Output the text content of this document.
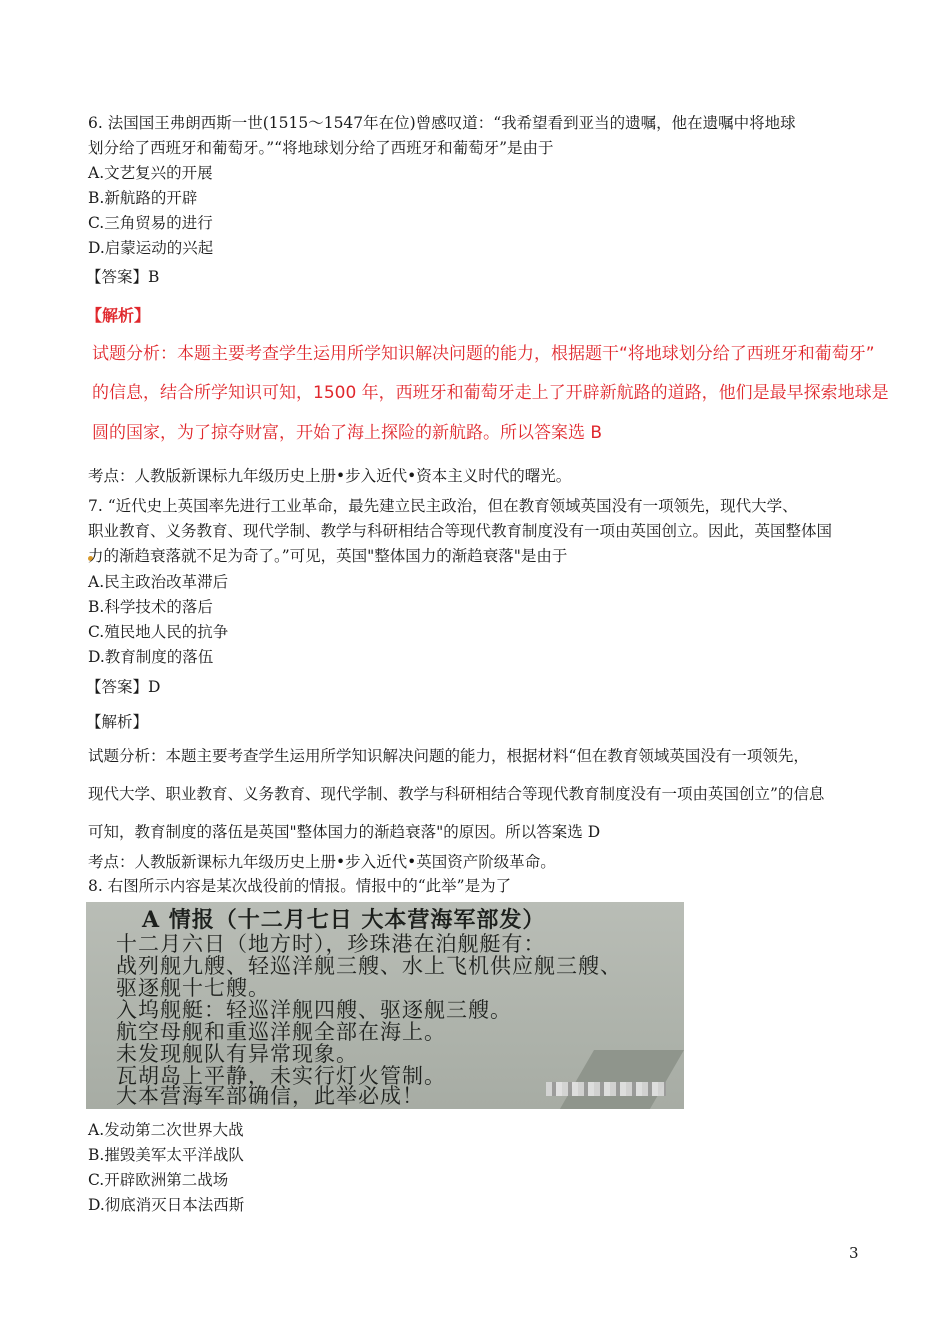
6. 法国国王弗朗西斯一世(1515～1547年在位)曾感叹道：“我希望看到亚当的遗嘱，他在遗嘱中将地球
划分给了西班牙和葡萄牙。”“将地球划分给了西班牙和葡萄牙”是由于
A.文艺复兴的开展
B.新航路的开辟
C.三角贸易的进行
D.启蒙运动的兴起
【答案】B
【解析】
试题分析：本题主要考查学生运用所学知识解决问题的能力，根据题干“将地球划分给了西班牙和葡萄牙”
的信息，结合所学知识可知，1500 年，西班牙和葡萄牙走上了开辟新航路的道路，他们是最早探索地球是
圆的国家，为了掠夺财富，开始了海上探险的新航路。所以答案选 B
考点：人教版新课标九年级历史上册•步入近代•资本主义时代的曙光。
7. “近代史上英国率先进行工业革命，最先建立民主政治，但在教育领域英国没有一项领先，现代大学、
职业教育、义务教育、现代学制、教学与科研相结合等现代教育制度没有一项由英国创立。因此，英国整体国
力的渐趋衰落就不足为奇了。”可见，英国"整体国力的渐趋衰落"是由于
A.民主政治改革滞后
B.科学技术的落后
C.殖民地人民的抗争
D.教育制度的落伍
【答案】D
【解析】
试题分析：本题主要考查学生运用所学知识解决问题的能力，根据材料“但在教育领域英国没有一项领先，
现代大学、职业教育、义务教育、现代学制、教学与科研相结合等现代教育制度没有一项由英国创立”的信息
可知，教育制度的落伍是英国"整体国力的渐趋衰落"的原因。所以答案选 D
考点：人教版新课标九年级历史上册•步入近代•英国资产阶级革命。
8. 右图所示内容是某次战役前的情报。情报中的“此举”是为了
A 情报（十二月七日 大本营海军部发）
十二月六日（地方时），珍珠港在泊舰艇有：
战列舰九艘、轻巡洋舰三艘、水上飞机供应舰三艘、
驱逐舰十七艘。
入坞舰艇：轻巡洋舰四艘、驱逐舰三艘。
航空母舰和重巡洋舰全部在海上。
未发现舰队有异常现象。
瓦胡岛上平静，未实行灯火管制。
大本营海军部确信，此举必成！
A.发动第二次世界大战
B.摧毁美军太平洋战队
C.开辟欧洲第二战场
D.彻底消灭日本法西斯
3
